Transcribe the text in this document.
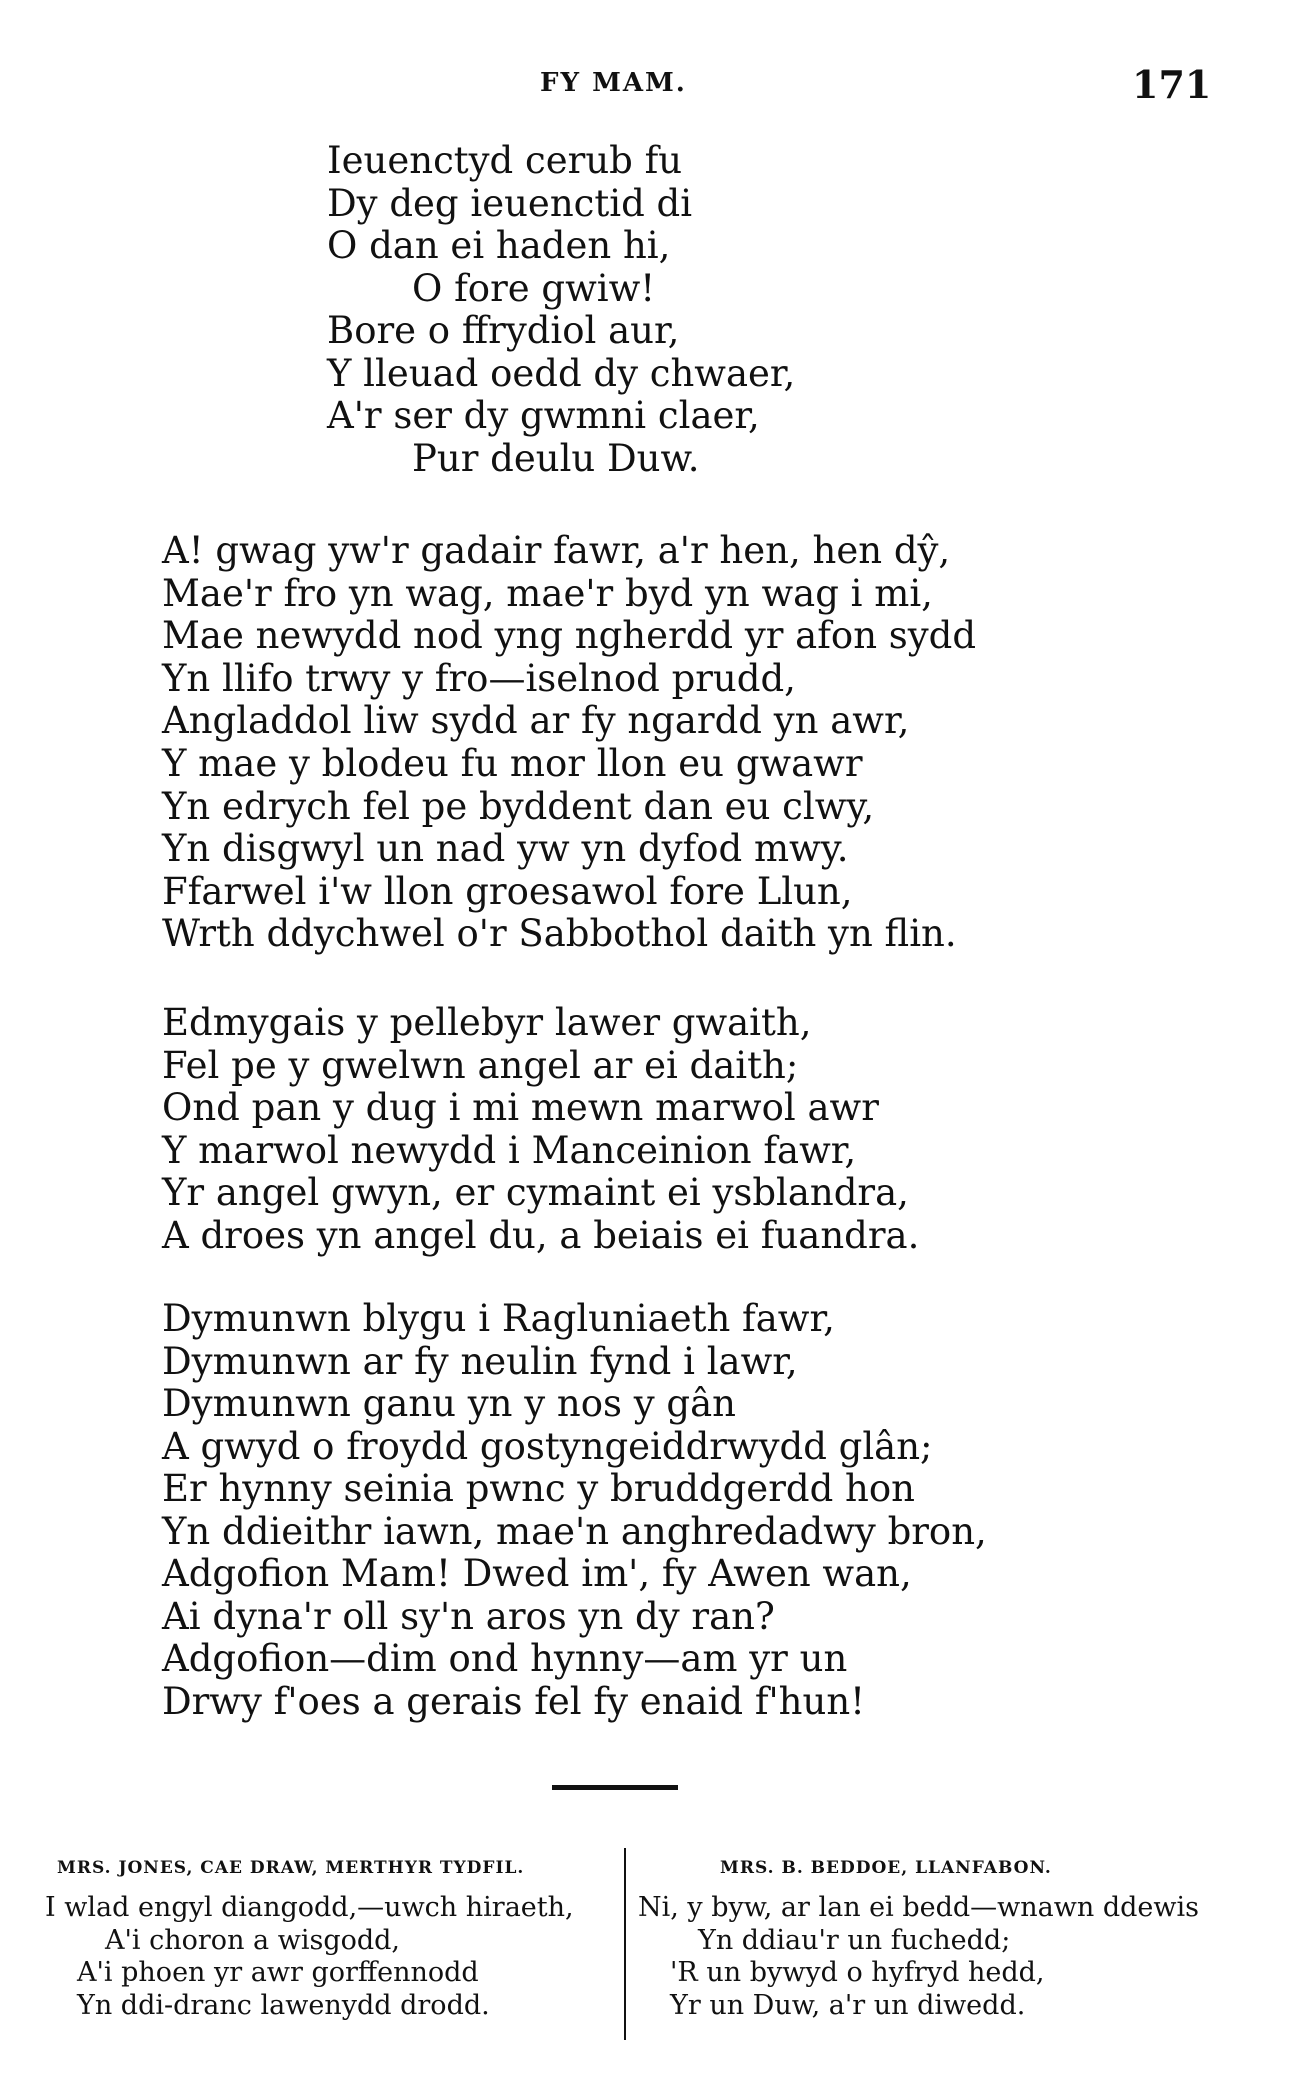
FY MAM.	171
Ieuenctyd cerub fu
Dy deg ieuenctid di
O dan ei haden hi,
O fore gwiw!
Bore o ffrydiol aur,
Y lleuad oedd dy chwaer,
A'r ser dy gwmni claer,
Pur deulu Duw.
A! gwag yw'r gadair fawr, a'r hen, hen dŷ,
Mae'r fro yn wag, mae'r byd yn wag i mi,
Mae newydd nod yng ngherdd yr afon sydd
Yn llifo trwy y fro—iselnod prudd,
Angladdol liw sydd ar fy ngardd yn awr,
Y mae y blodeu fu mor llon eu gwawr
Yn edrych fel pe byddent dan eu clwy,
Yn disgwyl un nad yw yn dyfod mwy.
Ffarwel i'w llon groesawol fore Llun,
Wrth ddychwel o'r Sabbothol daith yn flin.
Edmygais y pellebyr lawer gwaith,
Fel pe y gwelwn angel ar ei daith;
Ond pan y dug i mi mewn marwol awr
Y marwol newydd i Manceinion fawr,
Yr angel gwyn, er cymaint ei ysblandra,
A droes yn angel du, a beiais ei fuandra.
Dymunwn blygu i Ragluniaeth fawr,
Dymunwn ar fy neulin fynd i lawr,
Dymunwn ganu yn y nos y gân
A gwyd o froydd gostyngeiddrwydd glân;
Er hynny seinia pwnc y bruddgerdd hon
Yn ddieithr iawn, mae'n anghredadwy bron,
Adgofion Mam! Dwed im', fy Awen wan,
Ai dyna'r oll sy'n aros yn dy ran?
Adgofion—dim ond hynny—am yr un
Drwy f'oes a gerais fel fy enaid f'hun!
MRS. JONES, CAE DRAW, MERTHYR TYDFIL.
I wlad engyl diangodd,—uwch hiraeth,
A'i choron a wisgodd,
A'i phoen yr awr gorffennodd
Yn ddi-dranc lawenydd drodd.
MRS. B. BEDDOE, LLANFABON.
Ni, y byw, ar lan ei bedd—wnawn ddewis
Yn ddiau'r un fuchedd;
'R un bywyd o hyfryd hedd,
Yr un Duw, a'r un diwedd.
